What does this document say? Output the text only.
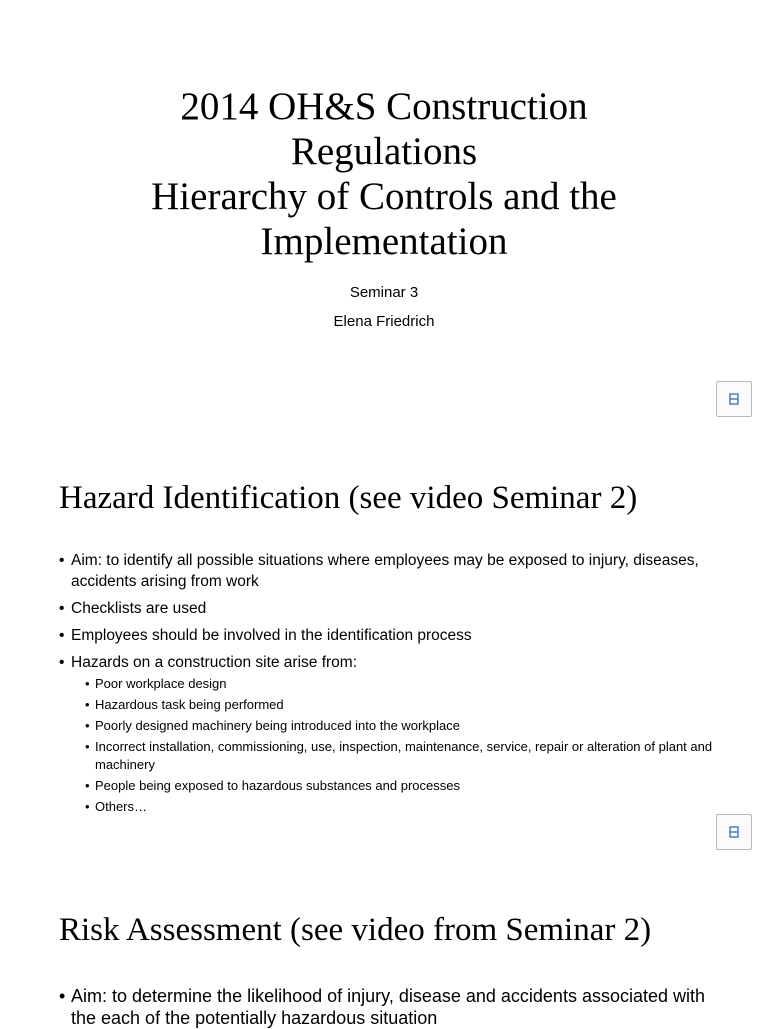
2014 OH&S Construction
Regulations
Hierarchy of Controls and the
Implementation
Seminar 3
Elena Friedrich
Hazard Identification (see video Seminar 2)
• Aim: to identify all possible situations where employees may be exposed to injury, diseases, accidents arising from work
• Checklists are used
• Employees should be involved in the identification process
• Hazards on a construction site arise from:
• Poor workplace design
• Hazardous task being performed
• Poorly designed machinery being introduced into the workplace
• Incorrect installation, commissioning, use, inspection, maintenance, service, repair or alteration of plant and machinery
• People being exposed to hazardous substances and processes
• Others…
Risk Assessment (see video from Seminar 2)
• Aim: to determine the likelihood of injury, disease and accidents associated with the each of the potentially hazardous situation
